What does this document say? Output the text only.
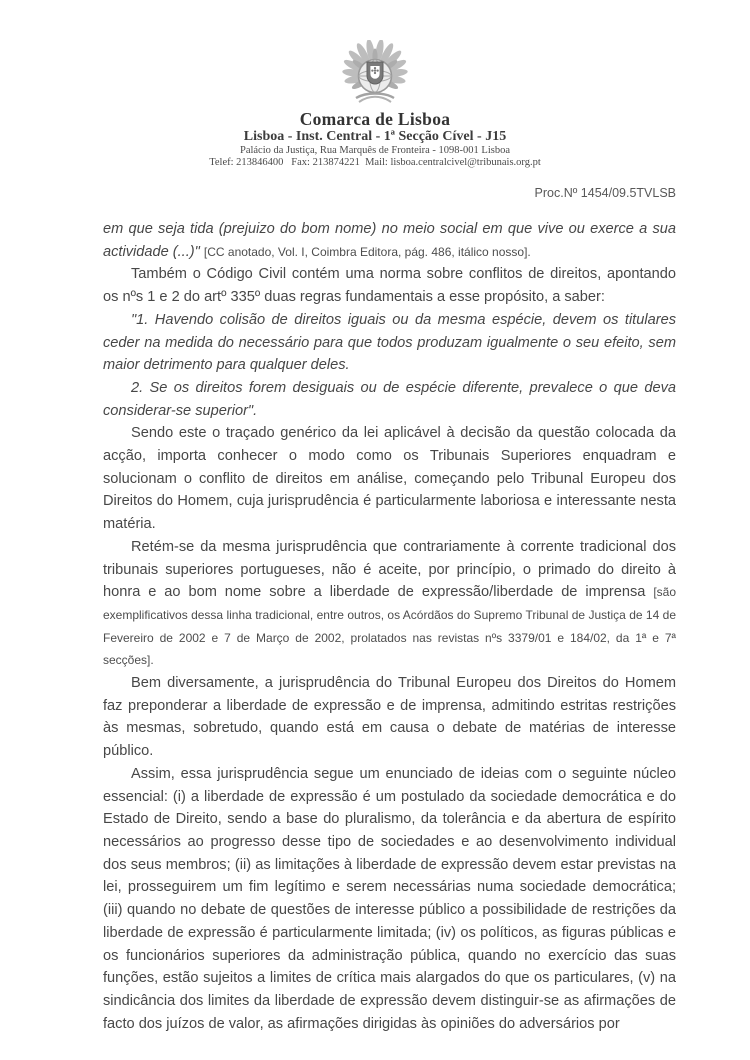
Comarca de Lisboa
Lisboa - Inst. Central - 1ª Secção Cível - J15
Palácio da Justiça, Rua Marquês de Fronteira - 1098-001 Lisboa
Telef: 213846400   Fax: 213874221  Mail: lisboa.centralcivel@tribunais.org.pt
Proc.Nº 1454/09.5TVLSB

em que seja tida (prejuizo do bom nome) no meio social em que vive ou exerce a sua actividade (...)" [CC anotado, Vol. I, Coimbra Editora, pág. 486, itálico nosso].

Também o Código Civil contém uma norma sobre conflitos de direitos, apontando os nºs 1 e 2 do artº 335º duas regras fundamentais a esse propósito, a saber:

"1. Havendo colisão de direitos iguais ou da mesma espécie, devem os titulares ceder na medida do necessário para que todos produzam igualmente o seu efeito, sem maior detrimento para qualquer deles.

2. Se os direitos forem desiguais ou de espécie diferente, prevalece o que deva considerar-se superior".

Sendo este o traçado genérico da lei aplicável à decisão da questão colocada da acção, importa conhecer o modo como os Tribunais Superiores enquadram e solucionam o conflito de direitos em análise, começando pelo Tribunal Europeu dos Direitos do Homem, cuja jurisprudência é particularmente laboriosa e interessante nesta matéria.

Retém-se da mesma jurisprudência que contrariamente à corrente tradicional dos tribunais superiores portugueses, não é aceite, por princípio, o primado do direito à honra e ao bom nome sobre a liberdade de expressão/liberdade de imprensa [são exemplificativos dessa linha tradicional, entre outros, os Acórdãos do Supremo Tribunal de Justiça de 14 de Fevereiro de 2002 e 7 de Março de 2002, prolatados nas revistas nºs 3379/01 e 184/02, da 1ª e 7ª secções].

Bem diversamente, a jurisprudência do Tribunal Europeu dos Direitos do Homem faz preponderar a liberdade de expressão e de imprensa, admitindo estritas restrições às mesmas, sobretudo, quando está em causa o debate de matérias de interesse público.

Assim, essa jurisprudência segue um enunciado de ideias com o seguinte núcleo essencial: (i) a liberdade de expressão é um postulado da sociedade democrática e do Estado de Direito, sendo a base do pluralismo, da tolerância e da abertura de espírito necessários ao progresso desse tipo de sociedades e ao desenvolvimento individual dos seus membros; (ii) as limitações à liberdade de expressão devem estar previstas na lei, prosseguirem um fim legítimo e serem necessárias numa sociedade democrática; (iii) quando no debate de questões de interesse público a possibilidade de restrições da liberdade de expressão é particularmente limitada; (iv) os políticos, as figuras públicas e os funcionários superiores da administração pública, quando no exercício das suas funções, estão sujeitos a limites de crítica mais alargados do que os particulares, (v) na sindicância dos limites da liberdade de expressão devem distinguir-se as afirmações de facto dos juízos de valor, as afirmações dirigidas às opiniões do adversários por
